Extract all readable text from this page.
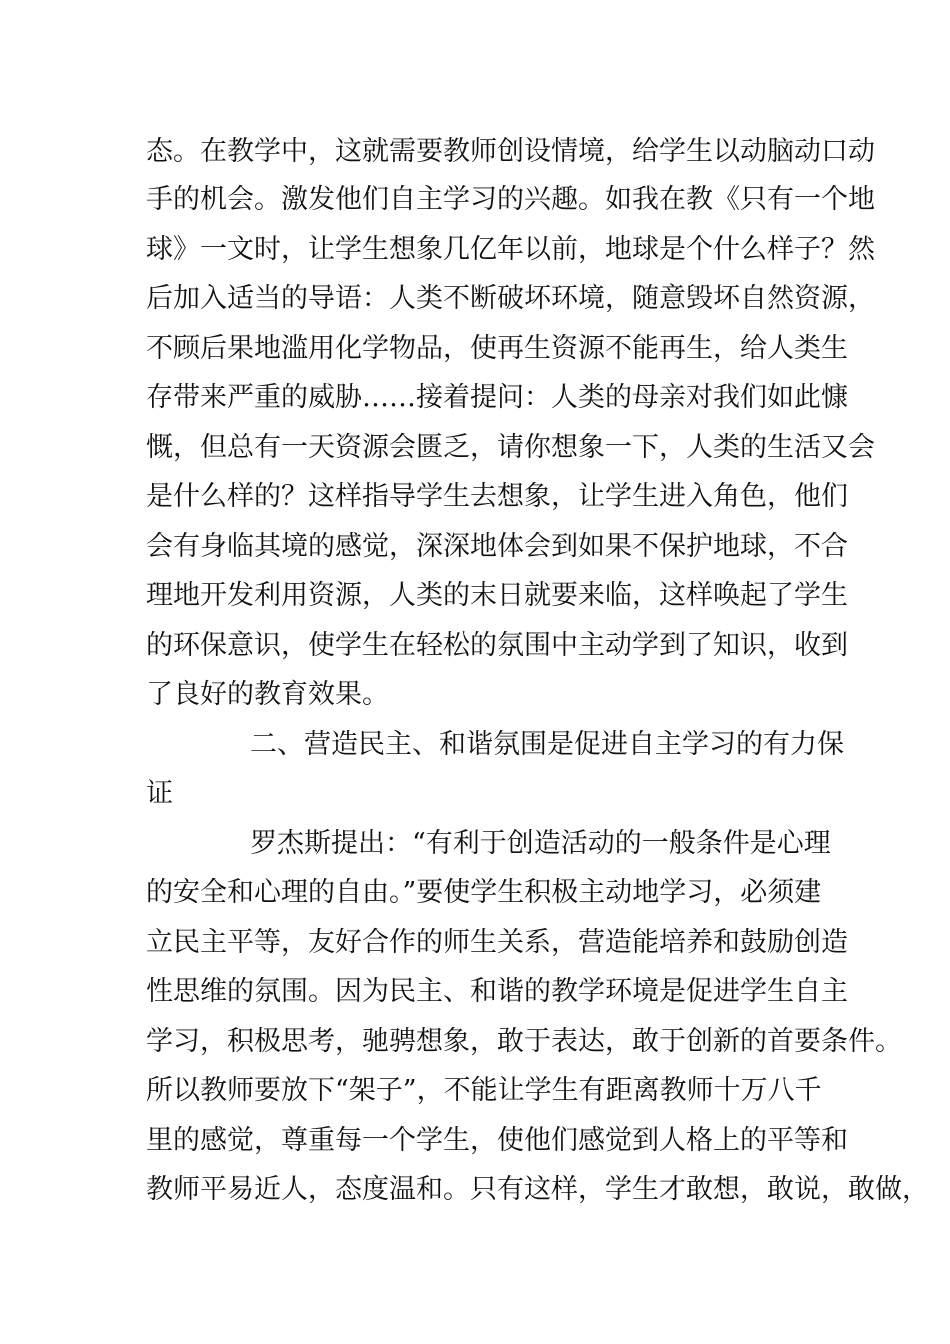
态。在教学中，这就需要教师创设情境，给学生以动脑动口动
手的机会。激发他们自主学习的兴趣。如我在教《只有一个地
球》一文时，让学生想象几亿年以前，地球是个什么样子？然
后加入适当的导语：人类不断破坏环境，随意毁坏自然资源，
不顾后果地滥用化学物品，使再生资源不能再生，给人类生
存带来严重的威胁……接着提问：人类的母亲对我们如此慷
慨，但总有一天资源会匮乏，请你想象一下，人类的生活又会
是什么样的？这样指导学生去想象，让学生进入角色，他们
会有身临其境的感觉，深深地体会到如果不保护地球，不合
理地开发利用资源，人类的末日就要来临，这样唤起了学生
的环保意识，使学生在轻松的氛围中主动学到了知识，收到
了良好的教育效果。
二、营造民主、和谐氛围是促进自主学习的有力保
证
罗杰斯提出：“有利于创造活动的一般条件是心理
的安全和心理的自由。”要使学生积极主动地学习，必须建
立民主平等，友好合作的师生关系，营造能培养和鼓励创造
性思维的氛围。因为民主、和谐的教学环境是促进学生自主
学习，积极思考，驰骋想象，敢于表达，敢于创新的首要条件。
所以教师要放下“架子”，不能让学生有距离教师十万八千
里的感觉，尊重每一个学生，使他们感觉到人格上的平等和
教师平易近人，态度温和。只有这样，学生才敢想，敢说，敢做，
